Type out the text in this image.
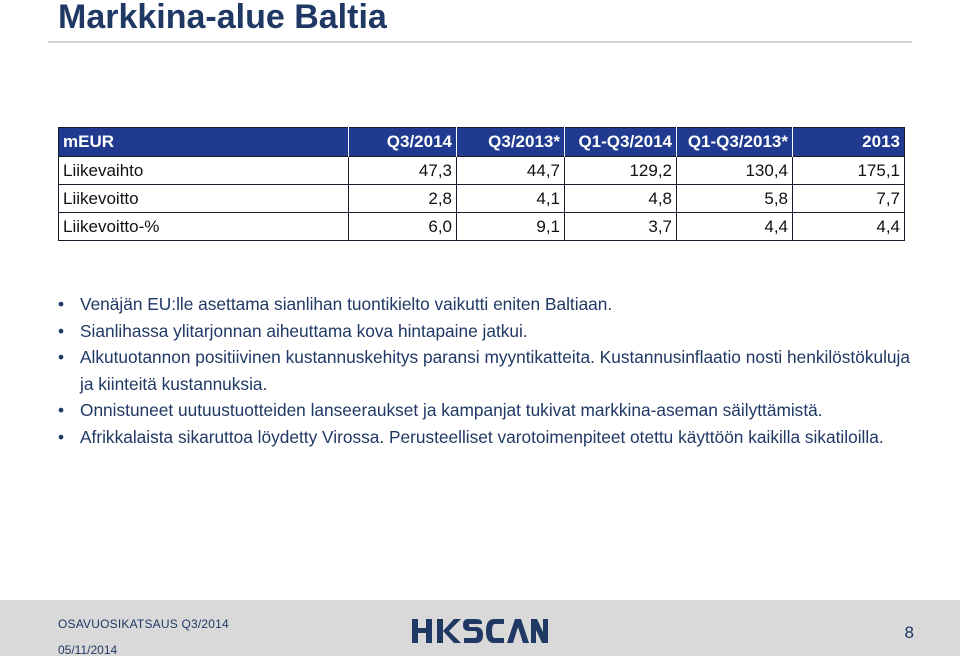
Markkina-alue Baltia
mEUR	Q3/2014	Q3/2013*	Q1-Q3/2014	Q1-Q3/2013*	2013
Liikevaihto	47,3	44,7	129,2	130,4	175,1
Liikevoitto	2,8	4,1	4,8	5,8	7,7
Liikevoitto-%	6,0	9,1	3,7	4,4	4,4
• Venäjän EU:lle asettama sianlihan tuontikielto vaikutti eniten Baltiaan.
• Sianlihassa ylitarjonnan aiheuttama kova hintapaine jatkui.
• Alkutuotannon positiivinen kustannuskehitys paransi myyntikatteita. Kustannusinflaatio nosti henkilöstökuluja ja kiinteitä kustannuksia.
• Onnistuneet uutuustuotteiden lanseeraukset ja kampanjat tukivat markkina-aseman säilyttämistä.
• Afrikkalaista sikaruttoa löydetty Virossa. Perusteelliset varotoimenpiteet otettu käyttöön kaikilla sikatiloilla.
OSAVUOSIKATSAUS Q3/2014
05/11/2014
HKSCAN
8
